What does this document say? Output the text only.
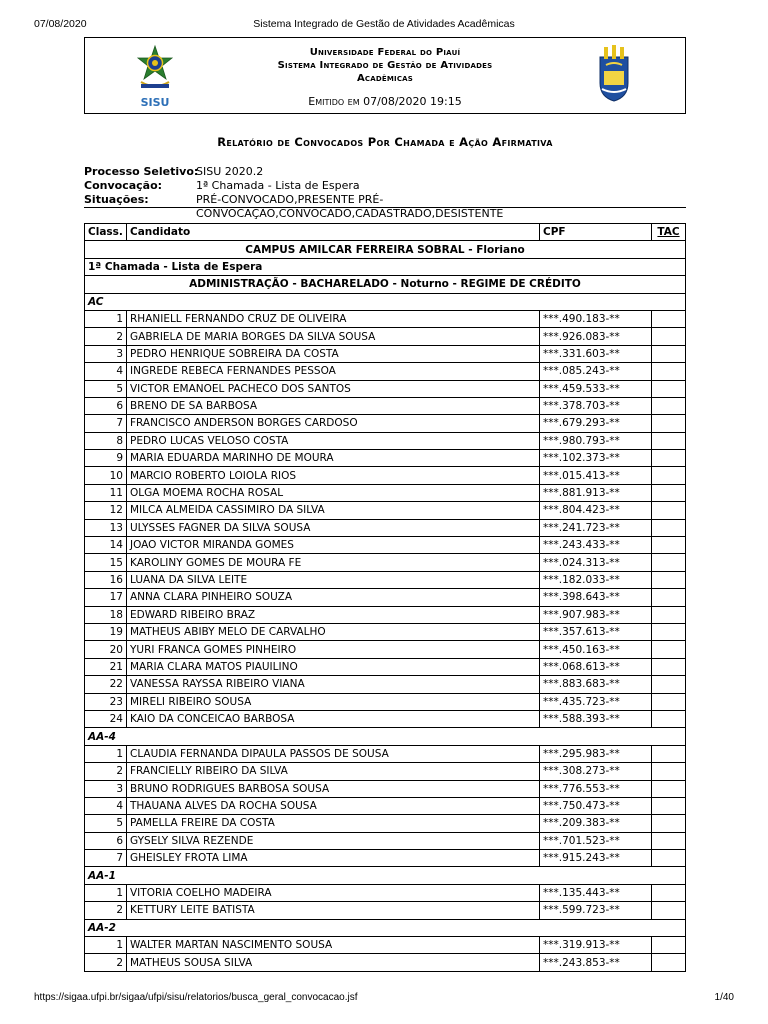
07/08/2020	Sistema Integrado de Gestão de Atividades Acadêmicas
SISU
Universidade Federal do Piauí
Sistema Integrado de Gestão de Atividades
Acadêmicas
Emitido em 07/08/2020 19:15
Relatório de Convocados Por Chamada e Ação Afirmativa
Processo Seletivo:
SISU 2020.2
Convocação:	1ª Chamada - Lista de Espera
Situações:	PRÉ-CONVOCADO,PRESENTE PRÉ-CONVOCAÇÃO,CONVOCADO,CADASTRADO,DESISTENTE
Class.	Candidato	CPF	TAC
CAMPUS AMILCAR FERREIRA SOBRAL - Floriano			
1ª Chamada - Lista de Espera			
ADMINISTRAÇÃO - BACHARELADO - Noturno - REGIME DE CRÉDITO			
AC			
1	RHANIELL FERNANDO CRUZ DE OLIVEIRA	***.490.183-**	
2	GABRIELA DE MARIA BORGES DA SILVA SOUSA	***.926.083-**	
3	PEDRO HENRIQUE SOBREIRA DA COSTA	***.331.603-**	
4	INGREDE REBECA FERNANDES PESSOA	***.085.243-**	
5	VICTOR EMANOEL PACHECO DOS SANTOS	***.459.533-**	
6	BRENO DE SA BARBOSA	***.378.703-**	
7	FRANCISCO ANDERSON BORGES CARDOSO	***.679.293-**	
8	PEDRO LUCAS VELOSO COSTA	***.980.793-**	
9	MARIA EDUARDA MARINHO DE MOURA	***.102.373-**	
10	MARCIO ROBERTO LOIOLA RIOS	***.015.413-**	
11	OLGA MOEMA ROCHA ROSAL	***.881.913-**	
12	MILCA ALMEIDA CASSIMIRO DA SILVA	***.804.423-**	
13	ULYSSES FAGNER DA SILVA SOUSA	***.241.723-**	
14	JOAO VICTOR MIRANDA GOMES	***.243.433-**	
15	KAROLINY GOMES DE MOURA FE	***.024.313-**	
16	LUANA DA SILVA LEITE	***.182.033-**	
17	ANNA CLARA PINHEIRO SOUZA	***.398.643-**	
18	EDWARD RIBEIRO BRAZ	***.907.983-**	
19	MATHEUS ABIBY MELO DE CARVALHO	***.357.613-**	
20	YURI FRANCA GOMES PINHEIRO	***.450.163-**	
21	MARIA CLARA MATOS PIAUILINO	***.068.613-**	
22	VANESSA RAYSSA RIBEIRO VIANA	***.883.683-**	
23	MIRELI RIBEIRO SOUSA	***.435.723-**	
24	KAIO DA CONCEICAO BARBOSA	***.588.393-**	
AA-4			
1	CLAUDIA FERNANDA DIPAULA PASSOS DE SOUSA	***.295.983-**	
2	FRANCIELLY RIBEIRO DA SILVA	***.308.273-**	
3	BRUNO RODRIGUES BARBOSA SOUSA	***.776.553-**	
4	THAUANA ALVES DA ROCHA SOUSA	***.750.473-**	
5	PAMELLA FREIRE DA COSTA	***.209.383-**	
6	GYSELY SILVA REZENDE	***.701.523-**	
7	GHEISLEY FROTA LIMA	***.915.243-**	
AA-1			
1	VITORIA COELHO MADEIRA	***.135.443-**	
2	KETTURY LEITE BATISTA	***.599.723-**	
AA-2			
1	WALTER MARTAN NASCIMENTO SOUSA	***.319.913-**	
2	MATHEUS SOUSA SILVA	***.243.853-**	
https://sigaa.ufpi.br/sigaa/ufpi/sisu/relatorios/busca_geral_convocacao.jsf	1/40
